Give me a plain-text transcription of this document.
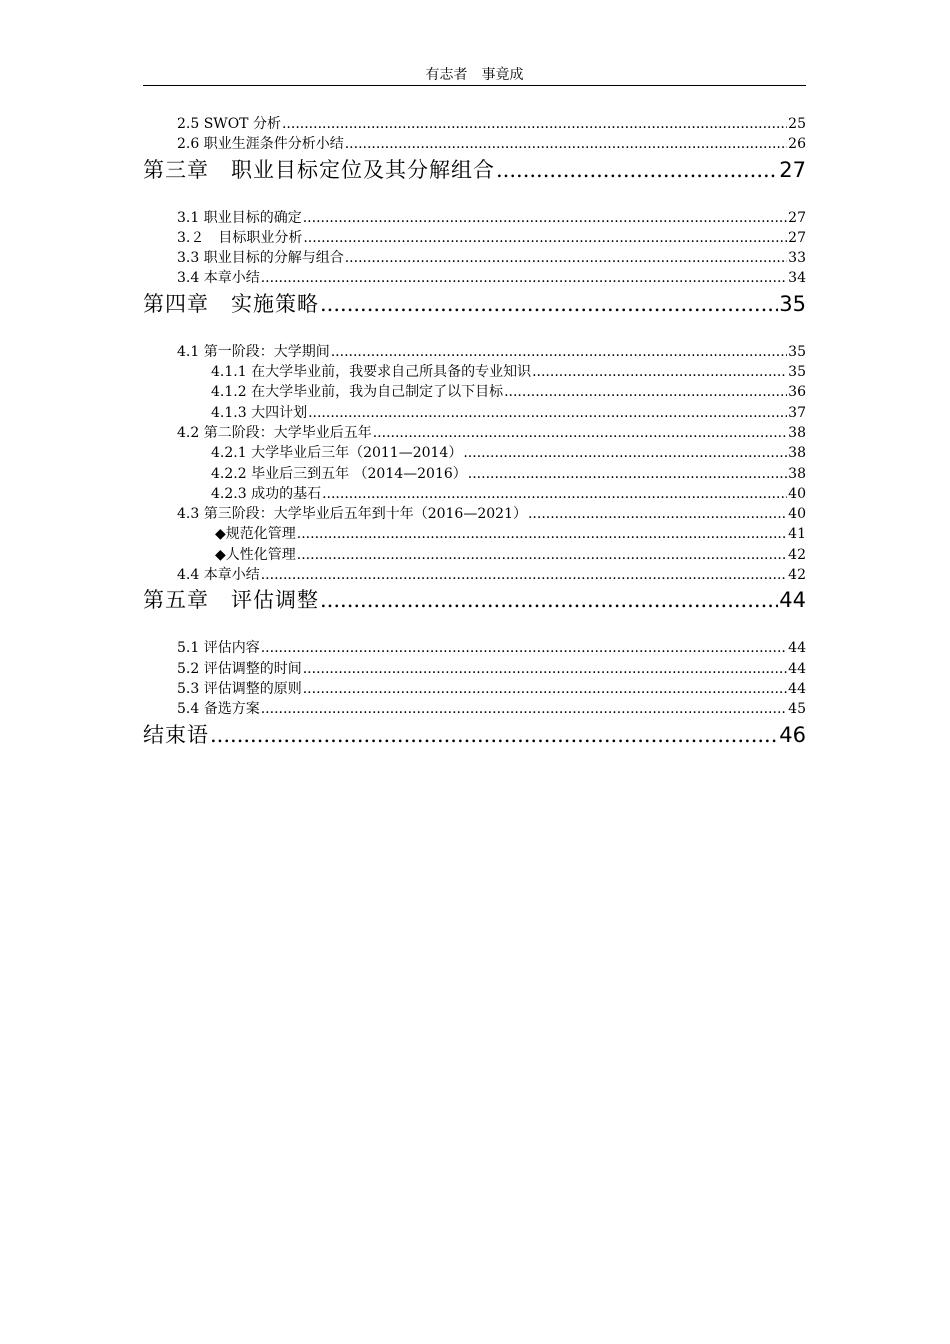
有志者　事竟成
2.5 SWOT 分析 .....	25
2.6 职业生涯条件分析小结 .....	26
第三章　职业目标定位及其分解组合 .....	27
3.1 职业目标的确定 .....	27
3.２　目标职业分析 .....	27
3.3 职业目标的分解与组合 .....	33
3.4 本章小结 .....	34
第四章　实施策略 .....	35
4.1 第一阶段：大学期间 .....	35
4.1.1 在大学毕业前，我要求自己所具备的专业知识 .....	35
4.1.2 在大学毕业前，我为自己制定了以下目标 .....	36
4.1.3 大四计划 .....	37
4.2 第二阶段：大学毕业后五年 .....	38
4.2.1 大学毕业后三年（2011—2014） .....	38
4.2.2 毕业后三到五年 （2014—2016） .....	38
4.2.3 成功的基石 .....	40
4.3 第三阶段：大学毕业后五年到十年（2016—2021） .....	40
◆规范化管理 .....	41
◆人性化管理 .....	42
4.4 本章小结 .....	42
第五章　评估调整 .....	44
5.1 评估内容 .....	44
5.2 评估调整的时间 .....	44
5.3 评估调整的原则 .....	44
5.4 备选方案 .....	45
结束语 .....	46
